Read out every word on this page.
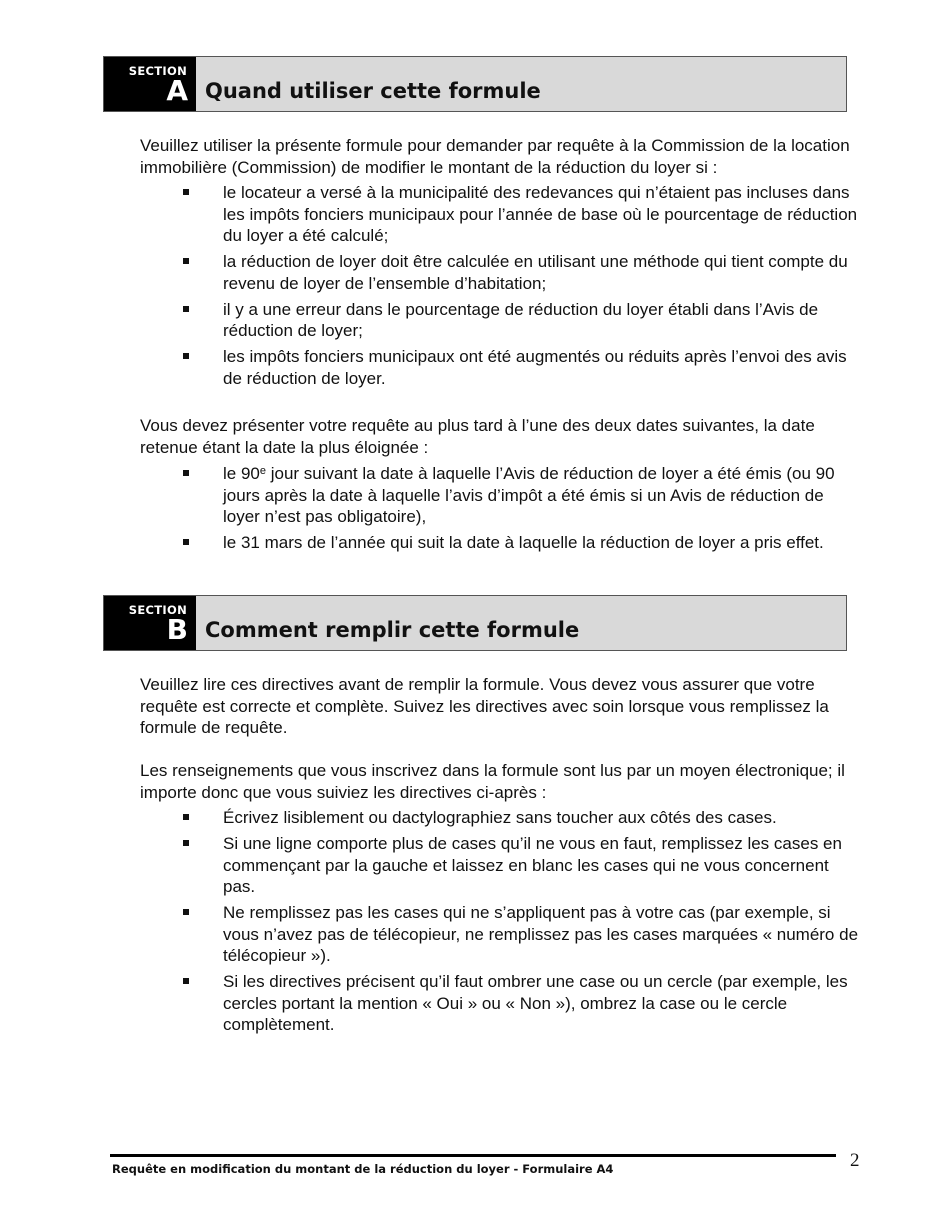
SECTION
A Quand utiliser cette formule

Veuillez utiliser la présente formule pour demander par requête à la Commission de la location immobilière (Commission) de modifier le montant de la réduction du loyer si :

le locateur a versé à la municipalité des redevances qui n’étaient pas incluses dans les impôts fonciers municipaux pour l’année de base où le pourcentage de réduction du loyer a été calculé;
la réduction de loyer doit être calculée en utilisant une méthode qui tient compte du revenu de loyer de l’ensemble d’habitation;
il y a une erreur dans le pourcentage de réduction du loyer établi dans l’Avis de réduction de loyer;
les impôts fonciers municipaux ont été augmentés ou réduits après l’envoi des avis de réduction de loyer.

Vous devez présenter votre requête au plus tard à l’une des deux dates suivantes, la date retenue étant la date la plus éloignée :

le 90e jour suivant la date à laquelle l’Avis de réduction de loyer a été émis (ou 90 jours après la date à laquelle l’avis d’impôt a été émis si un Avis de réduction de loyer n’est pas obligatoire),
le 31 mars de l’année qui suit la date à laquelle la réduction de loyer a pris effet.
SECTION
B Comment remplir cette formule

Veuillez lire ces directives avant de remplir la formule. Vous devez vous assurer que votre requête est correcte et complète. Suivez les directives avec soin lorsque vous remplissez la formule de requête.

Les renseignements que vous inscrivez dans la formule sont lus par un moyen électronique; il importe donc que vous suiviez les directives ci-après :

Écrivez lisiblement ou dactylographiez sans toucher aux côtés des cases.
Si une ligne comporte plus de cases qu’il ne vous en faut, remplissez les cases en commençant par la gauche et laissez en blanc les cases qui ne vous concernent pas.
Ne remplissez pas les cases qui ne s’appliquent pas à votre cas (par exemple, si vous n’avez pas de télécopieur, ne remplissez pas les cases marquées « numéro de télécopieur »).
Si les directives précisent qu’il faut ombrer une case ou un cercle (par exemple, les cercles portant la mention « Oui » ou « Non »), ombrez la case ou le cercle complètement.
Requête en modification du montant de la réduction du loyer - Formulaire A4	2
